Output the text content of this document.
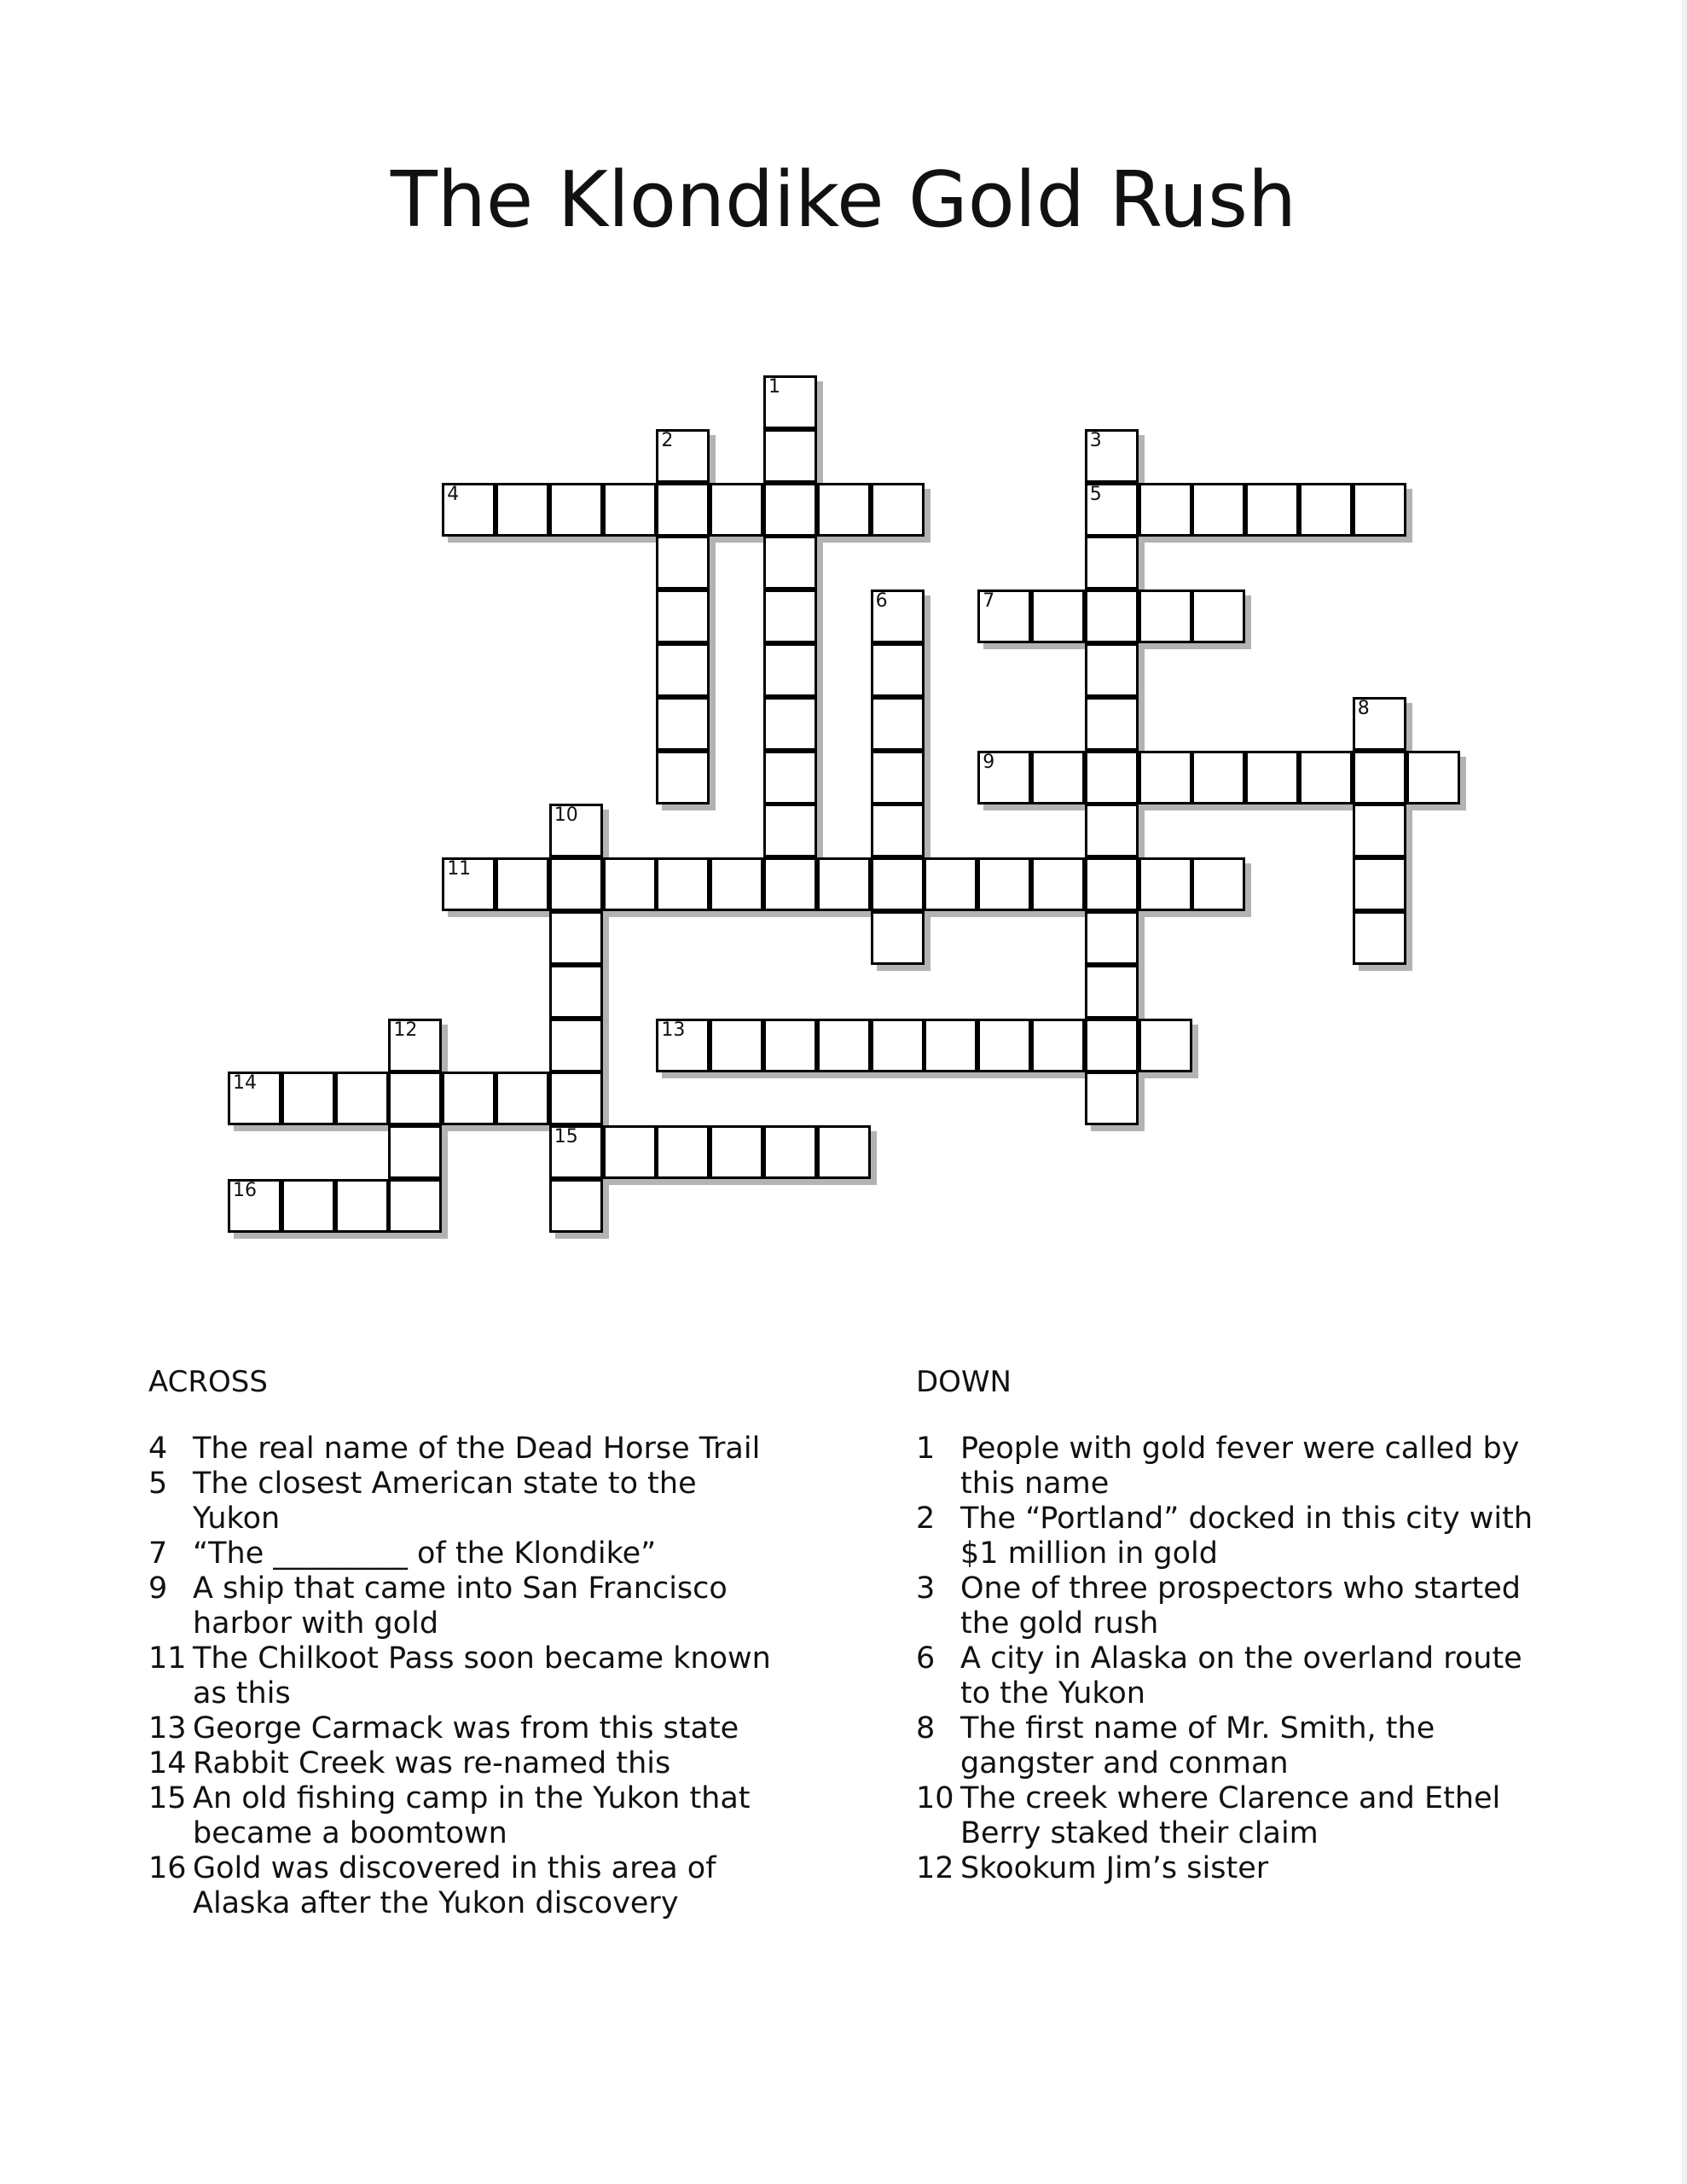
The Klondike Gold Rush
1
2	3
5
4
6	7
8
9
10
15
11
12	13
14
16
ACROSS	DOWN
4 The real name of the Dead Horse Trail
5 The closest American state to the Yukon
7 “The _________ of the Klondike”
9 A ship that came into San Francisco harbor with gold
11 The Chilkoot Pass soon became known as this
13 George Carmack was from this state
14 Rabbit Creek was re-named this
15 An old fishing camp in the Yukon that became a boomtown
16 Gold was discovered in this area of Alaska after the Yukon discovery
1 People with gold fever were called by this name
2 The “Portland” docked in this city with $1 million in gold
3 One of three prospectors who started the gold rush
6 A city in Alaska on the overland route to the Yukon
8 The first name of Mr. Smith, the gangster and conman
10 The creek where Clarence and Ethel Berry staked their claim
12 Skookum Jim’s sister
